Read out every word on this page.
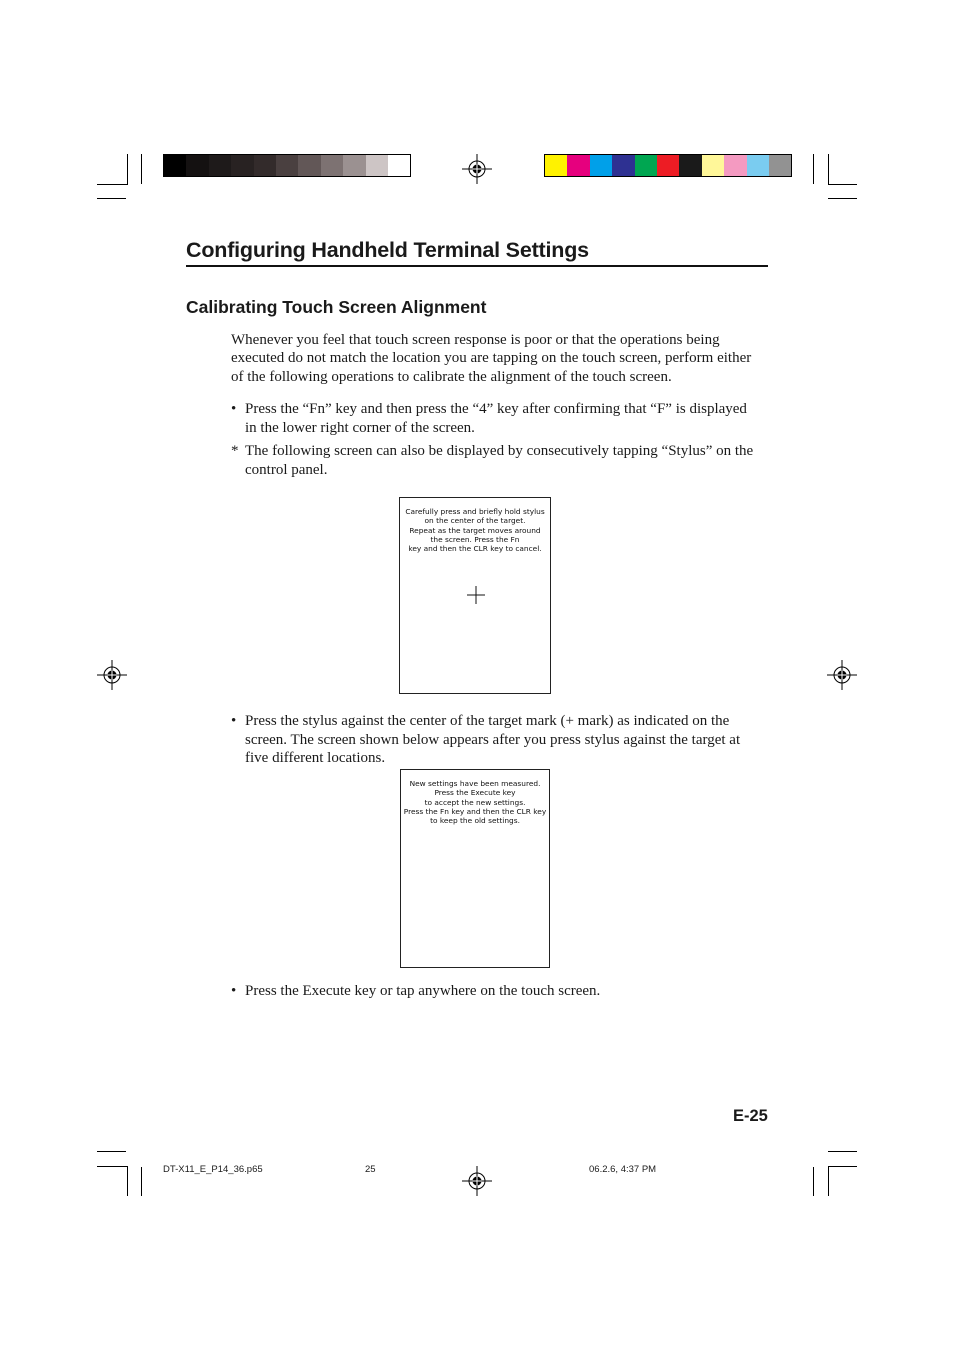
Configuring Handheld Terminal Settings
Calibrating Touch Screen Alignment
Whenever you feel that touch screen response is poor or that the operations being executed do not match the location you are tapping on the touch screen, perform either of the following operations to calibrate the alignment of the touch screen.
• Press the “Fn” key and then press the “4” key after confirming that “F” is displayed in the lower right corner of the screen.
* The following screen can also be displayed by consecutively tapping “Stylus” on the control panel.
Carefully press and briefly hold stylus
on the center of the target.
Repeat as the target moves around
the screen. Press the Fn
key and then the CLR key to cancel.
• Press the stylus against the center of the target mark (+ mark) as indicated on the screen. The screen shown below appears after you press stylus against the target at five different locations.
New settings have been measured.
Press the Execute key
to accept the new settings.
Press the Fn key and then the CLR key
to keep the old settings.
• Press the Execute key or tap anywhere on the touch screen.
E-25
DT-X11_E_P14_36.p65	25	06.2.6, 4:37 PM
